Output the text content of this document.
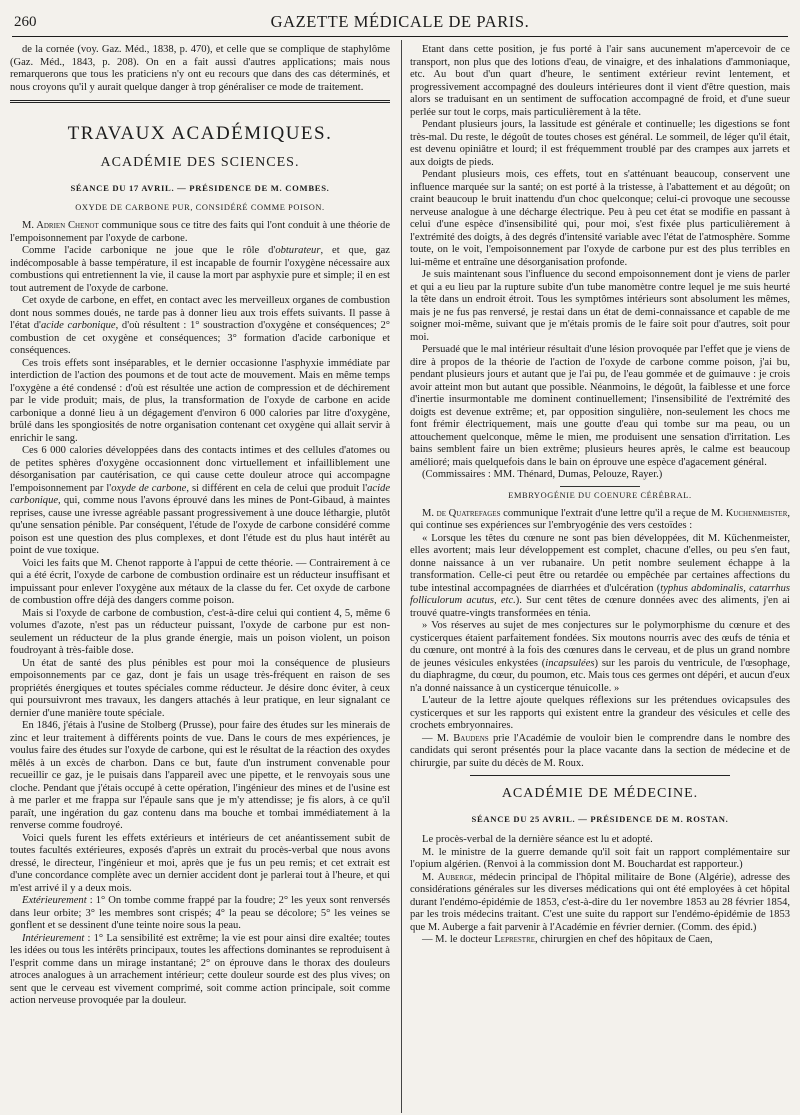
260	GAZETTE MÉDICALE DE PARIS.

de la cornée (voy. Gaz. Méd., 1838, p. 470), et celle que se complique de staphylôme (Gaz. Méd., 1843, p. 208). On en a fait aussi d'autres applications; mais nous remarquerons que tous les praticiens n'y ont eu recours que dans des cas déterminés, et nous croyons qu'il y aurait quelque danger à trop généraliser ce mode de traitement.

TRAVAUX ACADÉMIQUES.
ACADÉMIE DES SCIENCES.
SÉANCE DU 17 AVRIL. — PRÉSIDENCE DE M. COMBES.
OXYDE DE CARBONE PUR, CONSIDÉRÉ COMME POISON.

M. Adrien Chenot communique sous ce titre des faits qui l'ont conduit à une théorie de l'empoisonnement par l'oxyde de carbone.

Comme l'acide carbonique ne joue que le rôle d'obturateur, et que, gaz indécomposable à basse température, il est incapable de fournir l'oxygène nécessaire aux combustions qui entretiennent la vie, il cause la mort par asphyxie pure et simple; il en est tout autrement de l'oxyde de carbone.

Cet oxyde de carbone, en effet, en contact avec les merveilleux organes de combustion dont nous sommes doués, ne tarde pas à donner lieu aux trois effets suivants. Il passe à l'état d'acide carbonique, d'où résultent : 1° soustraction d'oxygène et conséquences; 2° combustion de cet oxygène et conséquences; 3° formation d'acide carbonique et conséquences.

Ces trois effets sont inséparables, et le dernier occasionne l'asphyxie immédiate par interdiction de l'action des poumons et de tout acte de mouvement. Mais en même temps l'oxygène a été condensé : d'où est résultée une action de compression et de déchirement par le vide produit; mais, de plus, la transformation de l'oxyde de carbone en acide carbonique a donné lieu à un dégagement d'environ 6 000 calories par litre d'oxygène, brûlé dans les spongiosités de notre organisation contenant cet oxygène qui allait servir à enrichir le sang.

Ces 6 000 calories développées dans des contacts intimes et des cellules d'atomes ou de petites sphères d'oxygène occasionnent donc virtuellement et infailliblement une désorganisation par cautérisation, ce qui cause cette douleur atroce qui accompagne l'empoisonnement par l'oxyde de carbone, si différent en cela de celui que produit l'acide carbonique, qui, comme nous l'avons éprouvé dans les mines de Pont-Gibaud, à maintes reprises, cause une ivresse agréable passant progressivement à une douce léthargie, plutôt qu'une sensation pénible. Par conséquent, l'étude de l'oxyde de carbone considéré comme poison est une question des plus complexes, et dont l'étude est du plus haut intérêt au point de vue toxique.

Voici les faits que M. Chenot rapporte à l'appui de cette théorie. — Contrairement à ce qui a été écrit, l'oxyde de carbone de combustion ordinaire est un réducteur insuffisant et impuissant pour enlever l'oxygène aux métaux de la classe du fer. Cet oxyde de carbone de combustion offre déjà des dangers comme poison.

Mais si l'oxyde de carbone de combustion, c'est-à-dire celui qui contient 4, 5, même 6 volumes d'azote, n'est pas un réducteur puissant, l'oxyde de carbone pur est non-seulement un réducteur de la plus grande énergie, mais un poison violent, un poison foudroyant à très-faible dose.

Un état de santé des plus pénibles est pour moi la conséquence de plusieurs empoisonnements par ce gaz, dont je fais un usage très-fréquent en raison de ses propriétés énergiques et toutes spéciales comme réducteur. Je désire donc éviter, à ceux qui poursuivront mes travaux, les dangers attachés à leur pratique, en leur signalant ce dernier d'une manière toute spéciale.

En 1846, j'étais à l'usine de Stolberg (Prusse), pour faire des études sur les minerais de zinc et leur traitement à différents points de vue. Dans le cours de mes expériences, je voulus faire des études sur l'oxyde de carbone, qui est le résultat de la réaction des oxydes mêlés à un excès de charbon. Dans ce but, faute d'un instrument convenable pour recueillir ce gaz, je le puisais dans l'appareil avec une pipette, et le renvoyais sous une cloche. Pendant que j'étais occupé à cette opération, l'ingénieur des mines et de l'usine est à me parler et me frappa sur l'épaule sans que je m'y attendisse; je fis alors, à ce qu'il paraît, une ingération du gaz contenu dans ma bouche et tombai immédiatement à la renverse comme foudroyé.

Voici quels furent les effets extérieurs et intérieurs de cet anéantissement subit de toutes facultés extérieures, exposés d'après un extrait du procès-verbal que nous avons dressé, le directeur, l'ingénieur et moi, après que je fus un peu remis; et cet extrait est d'une concordance complète avec un dernier accident dont je parlerai tout à l'heure, et qui m'est arrivé il y a deux mois.

Extérieurement : 1° On tombe comme frappé par la foudre; 2° les yeux sont renversés dans leur orbite; 3° les membres sont crispés; 4° la peau se décolore; 5° les veines se gonflent et se dessinent d'une teinte noire sous la peau.

Intérieurement : 1° La sensibilité est extrême; la vie est pour ainsi dire exaltée; toutes les idées ou tous les intérêts principaux, toutes les affections dominantes se reproduisent à l'esprit comme dans un mirage instantané; 2° on éprouve dans le thorax des douleurs atroces analogues à un arrachement intérieur; cette douleur sourde est des plus vives; on sent que le cerveau est vivement comprimé, soit comme action principale, soit comme action nerveuse provoquée par la douleur.

Etant dans cette position, je fus porté à l'air sans aucunement m'apercevoir de ce transport, non plus que des lotions d'eau, de vinaigre, et des inhalations d'ammoniaque, etc. Au bout d'un quart d'heure, le sentiment extérieur revint lentement, et progressivement accompagné des douleurs intérieures dont il vient d'être question, mais alors se traduisant en un sentiment de suffocation accompagné de froid, et d'une sueur perlée sur tout le corps, mais particulièrement à la tête.

Pendant plusieurs jours, la lassitude est générale et continuelle; les digestions se font très-mal. Du reste, le dégoût de toutes choses est général. Le sommeil, de léger qu'il était, est devenu opiniâtre et lourd; il est fréquemment troublé par des crampes aux jarrets et aux doigts de pieds.

Pendant plusieurs mois, ces effets, tout en s'atténuant beaucoup, conservent une influence marquée sur la santé; on est porté à la tristesse, à l'abattement et au dégoût; on craint beaucoup le bruit inattendu d'un choc quelconque; celui-ci provoque une secousse nerveuse analogue à une décharge électrique. Peu à peu cet état se modifie en passant à celui d'une espèce d'insensibilité qui, pour moi, s'est fixée plus particulièrement à l'extrémité des doigts, à des degrés d'intensité variable avec l'état de l'atmosphère. Somme toute, on le voit, l'empoisonnement par l'oxyde de carbone pur est des plus terribles en lui-même et entraîne une désorganisation profonde.

Je suis maintenant sous l'influence du second empoisonnement dont je viens de parler et qui a eu lieu par la rupture subite d'un tube manomètre contre lequel je me suis heurté la tête dans un endroit étroit. Tous les symptômes intérieurs sont absolument les mêmes, mais je ne fus pas renversé, je restai dans un état de demi-connaissance et capable de me soigner moi-même, suivant que je m'étais promis de le faire soit pour d'autres, soit pour moi.

Persuadé que le mal intérieur résultait d'une lésion provoquée par l'effet que je viens de dire à propos de la théorie de l'action de l'oxyde de carbone comme poison, j'ai bu, pendant plusieurs jours et autant que je l'ai pu, de l'eau gommée et de guimauve : je crois avoir atteint mon but autant que possible. Néanmoins, le dégoût, la faiblesse et une force d'inertie insurmontable me dominent continuellement; l'insensibilité de l'extrémité des doigts est devenue extrême; et, par opposition singulière, non-seulement les chocs me font frémir électriquement, mais une goutte d'eau qui tombe sur ma peau, ou un attouchement quelconque, même le mien, me produisent une sensation d'irritation. Les bains semblent faire un bien extrême; plusieurs heures après, le calme est beaucoup amélioré; mais quelquefois dans le bain on éprouve une espèce d'agacement général.

(Commissaires : MM. Thénard, Dumas, Pelouze, Rayer.)

EMBRYOGÉNIE DU COENURE CÉRÉBRAL.

M. de Quatrefages communique l'extrait d'une lettre qu'il a reçue de M. Kuchenmeister, qui continue ses expériences sur l'embryogénie des vers cestoïdes :

« Lorsque les têtes du cœnure ne sont pas bien développées, dit M. Küchenmeister, elles avortent; mais leur développement est complet, chacune d'elles, ou peu s'en faut, donne naissance à un ver rubanaire. Un petit nombre seulement échappe à la transformation. Celle-ci peut être ou retardée ou empêchée par certaines affections du tube intestinal accompagnées de diarrhées et d'ulcération (typhus abdominalis, catarrhus folliculorum acutus, etc.). Sur cent têtes de cœnure données avec des aliments, j'en ai trouvé quatre-vingts transformées en ténia.

» Vos réserves au sujet de mes conjectures sur le polymorphisme du cœnure et des cysticerques étaient parfaitement fondées. Six moutons nourris avec des œufs de ténia et du cœnure, ont montré à la fois des cœnures dans le cerveau, et de plus un grand nombre de jeunes vésicules enkystées (incapsulées) sur les parois du ventricule, de l'œsophage, du diaphragme, du cœur, du poumon, etc. Mais tous ces germes ont dépéri, et aucun d'eux n'a donné naissance à un cysticerque ténuicolle. »

L'auteur de la lettre ajoute quelques réflexions sur les prétendues ovicapsules des cysticerques et sur les rapports qui existent entre la grandeur des vésicules et celle des crochets embryonnaires.

— M. Baudens prie l'Académie de vouloir bien le comprendre dans le nombre des candidats qui seront présentés pour la place vacante dans la section de médecine et de chirurgie, par suite du décès de M. Roux.

ACADÉMIE DE MÉDECINE.
SÉANCE DU 25 AVRIL. — PRÉSIDENCE DE M. ROSTAN.

Le procès-verbal de la dernière séance est lu et adopté.

M. le ministre de la guerre demande qu'il soit fait un rapport complémentaire sur l'opium algérien. (Renvoi à la commission dont M. Bouchardat est rapporteur.)

M. Auberge, médecin principal de l'hôpital militaire de Bone (Algérie), adresse des considérations générales sur les diverses médications qui ont été employées à cet hôpital durant l'endémo-épidémie de 1853, c'est-à-dire du 1er novembre 1853 au 28 février 1854, par les trois médecins traitant. C'est une suite du rapport sur l'endémo-épidémie de 1853 que M. Auberge a fait parvenir à l'Académie en février dernier. (Comm. des épid.)

— M. le docteur Leprestre, chirurgien en chef des hôpitaux de Caen,
